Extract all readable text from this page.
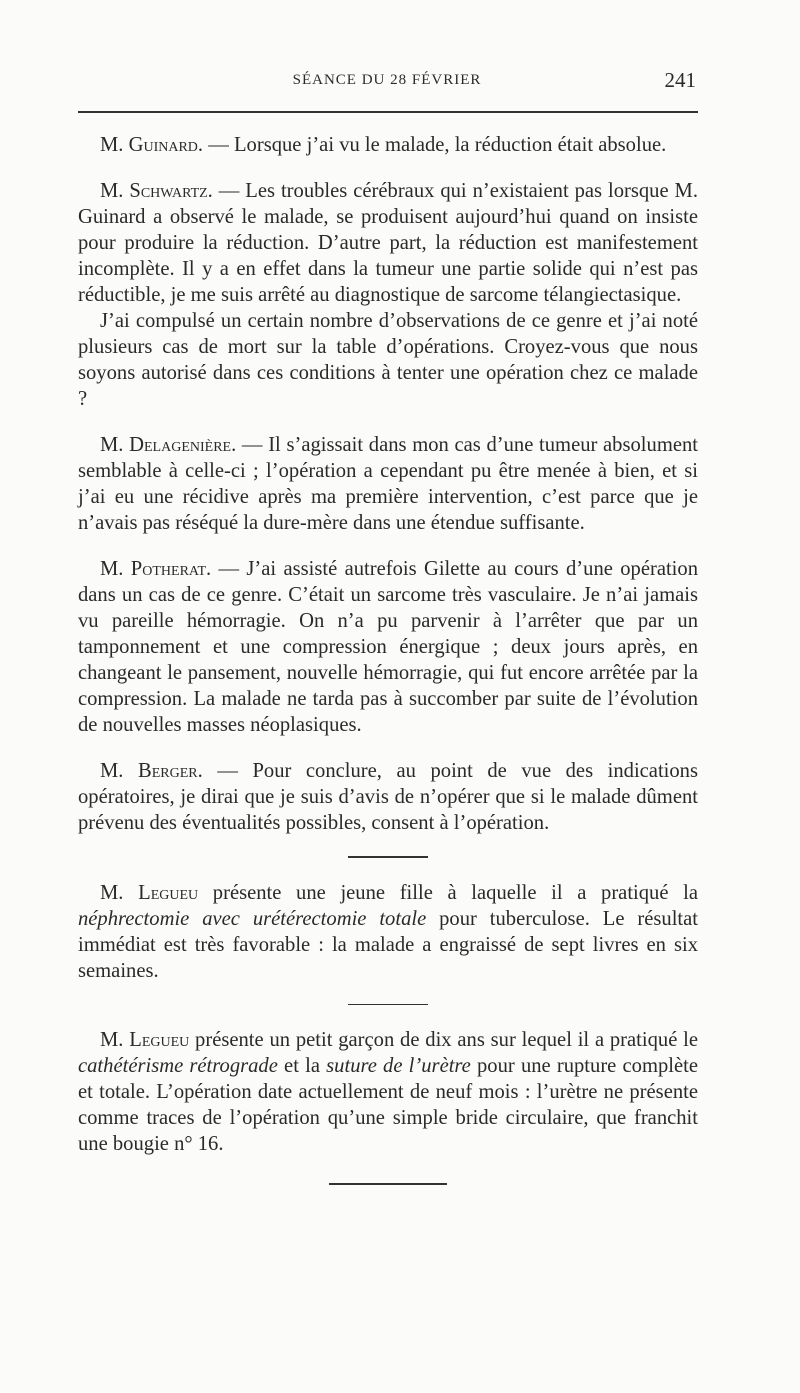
SÉANCE DU 28 FÉVRIER	241

M. Guinard. — Lorsque j’ai vu le malade, la réduction était absolue.

M. Schwartz. — Les troubles cérébraux qui n’existaient pas lorsque M. Guinard a observé le malade, se produisent aujourd’hui quand on insiste pour produire la réduction. D’autre part, la réduction est manifestement incomplète. Il y a en effet dans la tumeur une partie solide qui n’est pas réductible, je me suis arrêté au diagnostique de sarcome télangiectasique.

J’ai compulsé un certain nombre d’observations de ce genre et j’ai noté plusieurs cas de mort sur la table d’opérations. Croyez-vous que nous soyons autorisé dans ces conditions à tenter une opération chez ce malade ?

M. Delagenière. — Il s’agissait dans mon cas d’une tumeur absolument semblable à celle-ci ; l’opération a cependant pu être menée à bien, et si j’ai eu une récidive après ma première intervention, c’est parce que je n’avais pas réséqué la dure-mère dans une étendue suffisante.

M. Potherat. — J’ai assisté autrefois Gilette au cours d’une opération dans un cas de ce genre. C’était un sarcome très vasculaire. Je n’ai jamais vu pareille hémorragie. On n’a pu parvenir à l’arrêter que par un tamponnement et une compression énergique ; deux jours après, en changeant le pansement, nouvelle hémorragie, qui fut encore arrêtée par la compression. La malade ne tarda pas à succomber par suite de l’évolution de nouvelles masses néoplasiques.

M. Berger. — Pour conclure, au point de vue des indications opératoires, je dirai que je suis d’avis de n’opérer que si le malade dûment prévenu des éventualités possibles, consent à l’opération.

M. Legueu présente une jeune fille à laquelle il a pratiqué la néphrectomie avec urétérectomie totale pour tuberculose. Le résultat immédiat est très favorable : la malade a engraissé de sept livres en six semaines.

M. Legueu présente un petit garçon de dix ans sur lequel il a pratiqué le cathétérisme rétrograde et la suture de l’urètre pour une rupture complète et totale. L’opération date actuellement de neuf mois : l’urètre ne présente comme traces de l’opération qu’une simple bride circulaire, que franchit une bougie n° 16.
